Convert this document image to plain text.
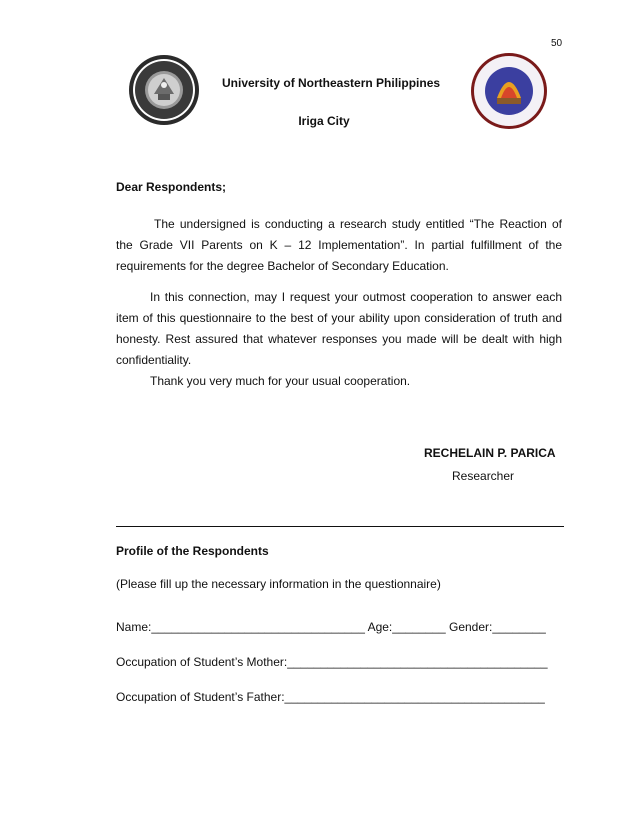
50
University of Northeastern Philippines
Iriga City
Dear Respondents;
The undersigned is conducting a research study entitled “The Reaction of the Grade VII Parents on K – 12 Implementation”. In partial fulfillment of the requirements for the degree Bachelor of Secondary Education.
In this connection, may I request your outmost cooperation to answer each item of this questionnaire to the best of your ability upon consideration of truth and honesty. Rest assured that whatever responses you made will be dealt with high confidentiality.
Thank you very much for your usual cooperation.
RECHELAIN P. PARICA
Researcher
Profile of the Respondents
(Please fill up the necessary information in the questionnaire)
Name:________________________________ Age:________ Gender:________
Occupation of Student’s Mother:_______________________________________
Occupation of Student’s Father:_______________________________________
